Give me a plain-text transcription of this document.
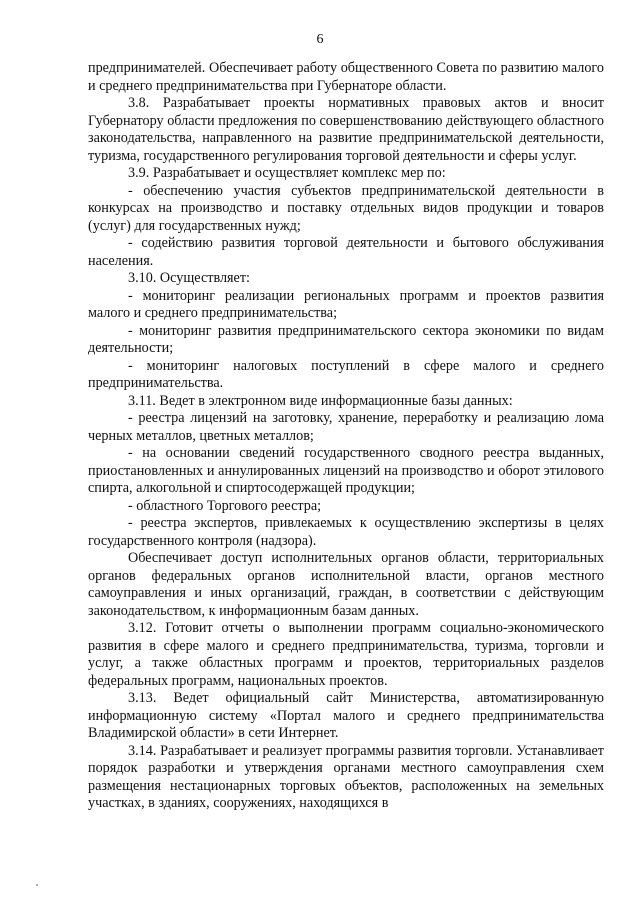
6

предпринимателей. Обеспечивает работу общественного Совета по развитию малого и среднего предпринимательства при Губернаторе области.

3.8. Разрабатывает проекты нормативных правовых актов и вносит Губернатору области предложения по совершенствованию действующего областного законодательства, направленного на развитие предпринимательской деятельности, туризма, государственного регулирования торговой деятельности и сферы услуг.

3.9. Разрабатывает и осуществляет комплекс мер по:

- обеспечению участия субъектов предпринимательской деятельности в конкурсах на производство и поставку отдельных видов продукции и товаров (услуг) для государственных нужд;

- содействию развития торговой деятельности и бытового обслуживания населения.

3.10. Осуществляет:

- мониторинг реализации региональных программ и проектов развития малого и среднего предпринимательства;

- мониторинг развития предпринимательского сектора экономики по видам деятельности;

- мониторинг налоговых поступлений в сфере малого и среднего предпринимательства.

3.11. Ведет в электронном виде информационные базы данных:

- реестра лицензий на заготовку, хранение, переработку и реализацию лома черных металлов, цветных металлов;

- на основании сведений государственного сводного реестра выданных, приостановленных и аннулированных лицензий на производство и оборот этилового спирта, алкогольной и спиртосодержащей продукции;

- областного Торгового реестра;

- реестра экспертов, привлекаемых к осуществлению экспертизы в целях государственного контроля (надзора).

Обеспечивает доступ исполнительных органов области, территориальных органов федеральных органов исполнительной власти, органов местного самоуправления и иных организаций, граждан, в соответствии с действующим законодательством, к информационным базам данных.

3.12. Готовит отчеты о выполнении программ социально-экономического развития в сфере малого и среднего предпринимательства, туризма, торговли и услуг, а также областных программ и проектов, территориальных разделов федеральных программ, национальных проектов.

3.13. Ведет официальный сайт Министерства, автоматизированную информационную систему «Портал малого и среднего предпринимательства Владимирской области» в сети Интернет.

3.14. Разрабатывает и реализует программы развития торговли. Устанавливает порядок разработки и утверждения органами местного самоуправления схем размещения нестационарных торговых объектов, расположенных на земельных участках, в зданиях, сооружениях, находящихся в
